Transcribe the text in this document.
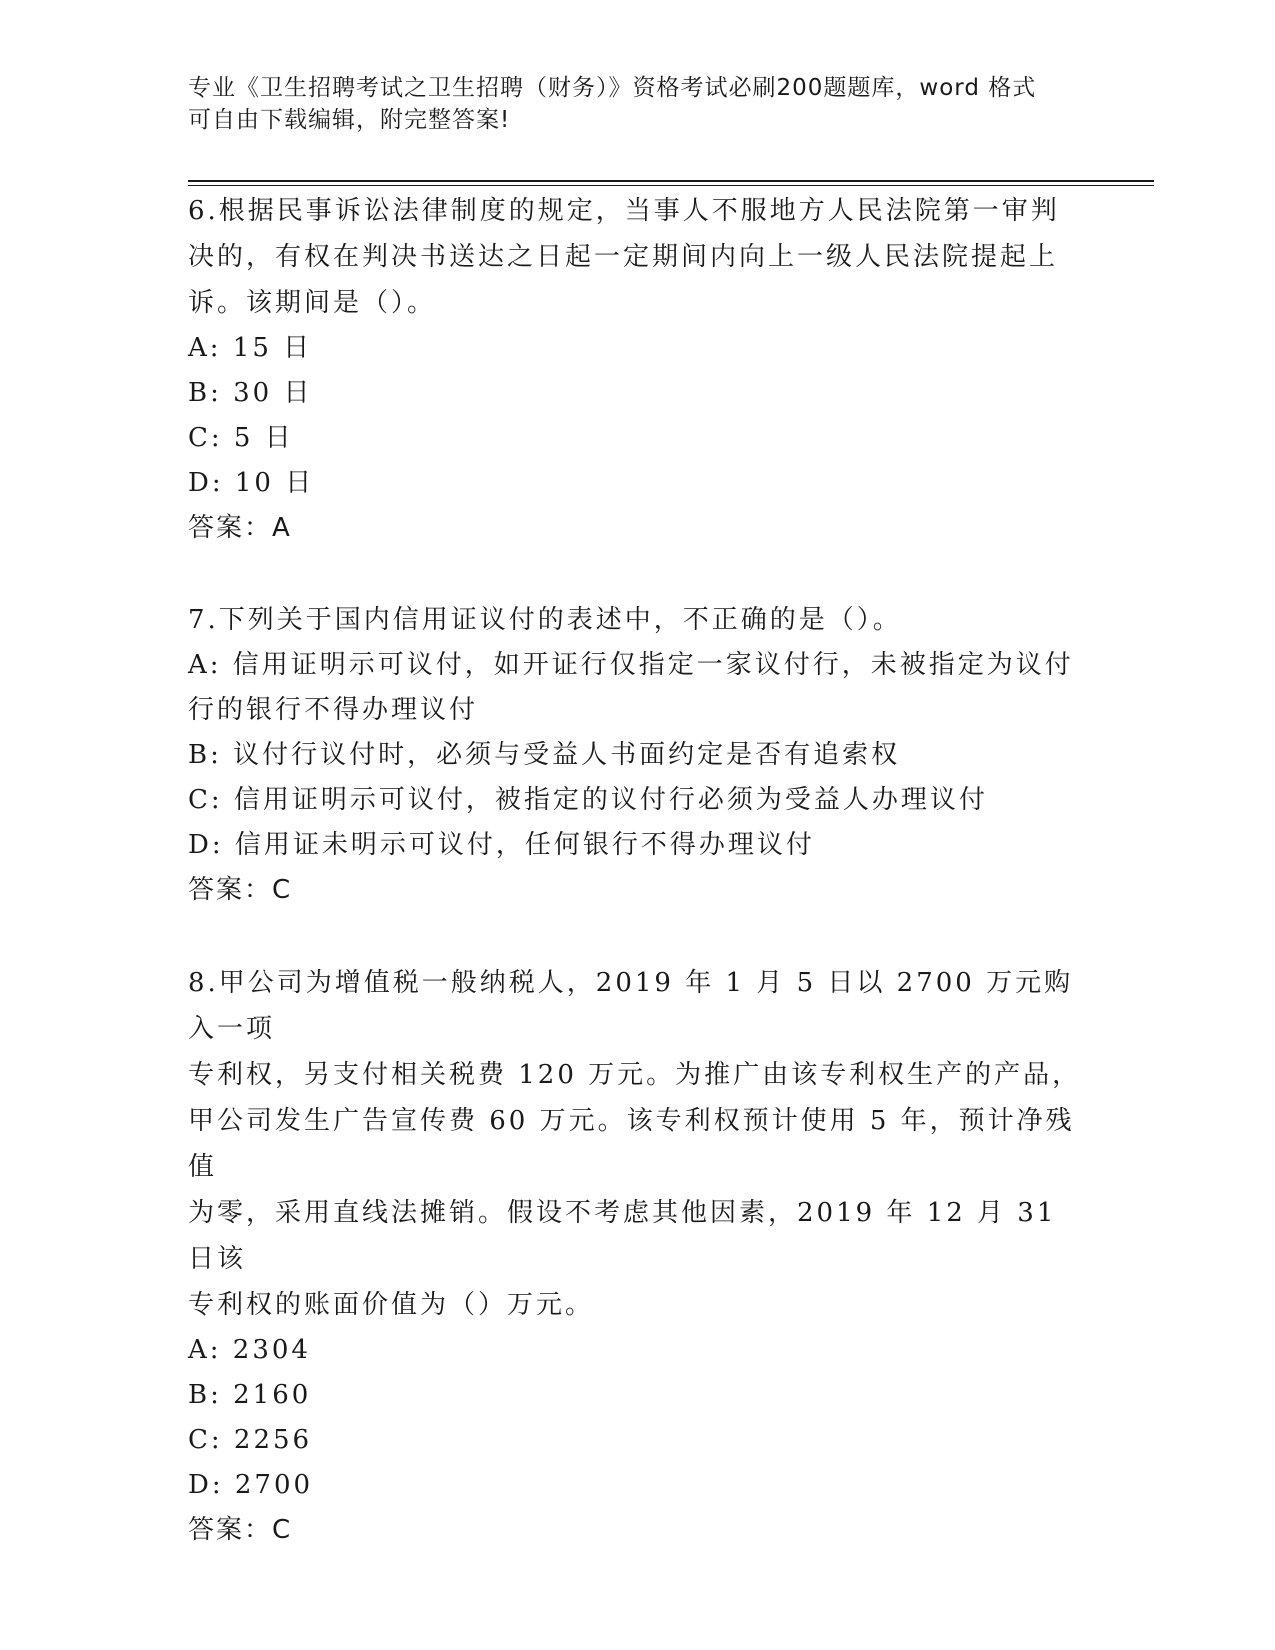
专业《卫生招聘考试之卫生招聘（财务）》资格考试必刷200题题库，word 格式
可自由下载编辑，附完整答案!
6.根据民事诉讼法律制度的规定，当事人不服地方人民法院第一审判
决的，有权在判决书送达之日起一定期间内向上一级人民法院提起上
诉。该期间是（）。
A: 15 日
B: 30 日
C: 5 日
D: 10 日
答案：A
7.下列关于国内信用证议付的表述中，不正确的是（）。
A: 信用证明示可议付，如开证行仅指定一家议付行，未被指定为议付
行的银行不得办理议付
B: 议付行议付时，必须与受益人书面约定是否有追索权
C: 信用证明示可议付，被指定的议付行必须为受益人办理议付
D: 信用证未明示可议付，任何银行不得办理议付
答案：C
8.甲公司为增值税一般纳税人，2019 年 1 月 5 日以 2700 万元购入一项
专利权，另支付相关税费 120 万元。为推广由该专利权生产的产品，
甲公司发生广告宣传费 60 万元。该专利权预计使用 5 年，预计净残值
为零，采用直线法摊销。假设不考虑其他因素，2019 年 12 月 31 日该
专利权的账面价值为（）万元。
A: 2304
B: 2160
C: 2256
D: 2700
答案：C
